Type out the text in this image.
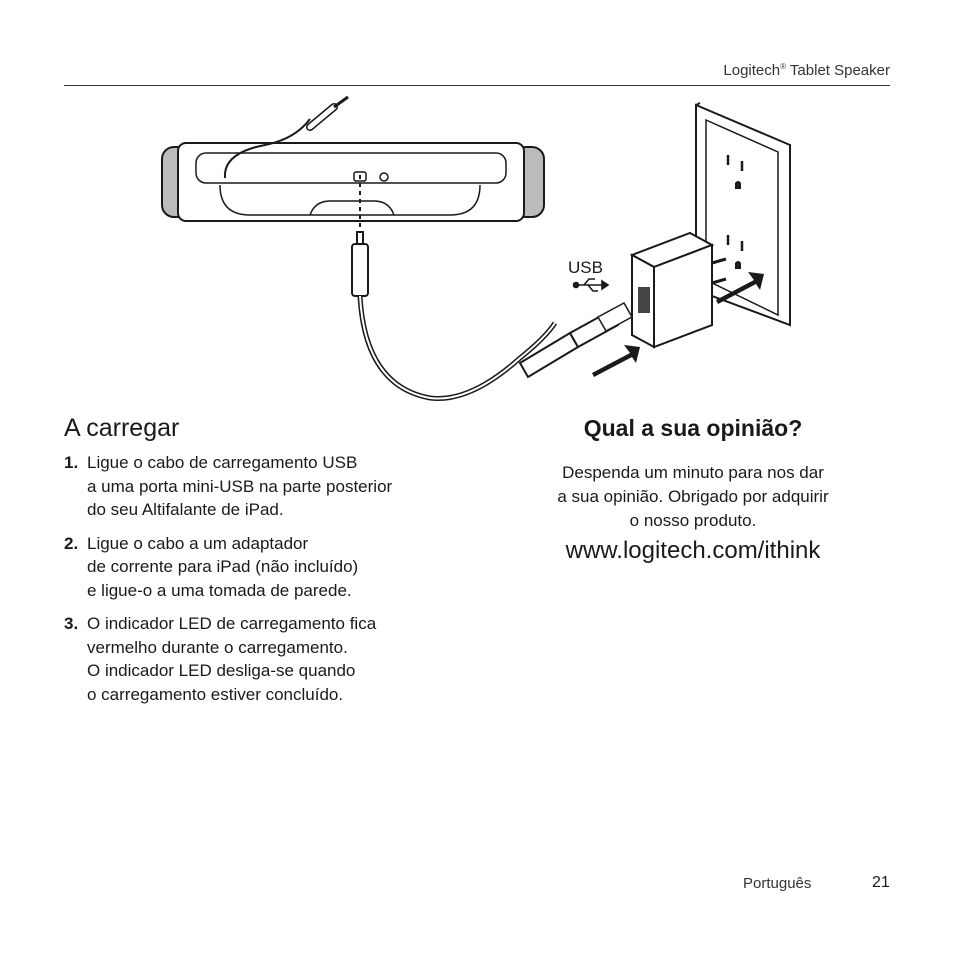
Logitech® Tablet Speaker
USB
A carregar
1. Ligue o cabo de carregamento USB
a uma porta mini-USB na parte posterior
do seu Altifalante de iPad.
2. Ligue o cabo a um adaptador
de corrente para iPad (não incluído)
e ligue-o a uma tomada de parede.
3. O indicador LED de carregamento fica
vermelho durante o carregamento.
O indicador LED desliga-se quando
o carregamento estiver concluído.
Qual a sua opinião?

Despenda um minuto para nos dar
a sua opinião. Obrigado por adquirir
o nosso produto.

www.logitech.com/ithink
Português	21
